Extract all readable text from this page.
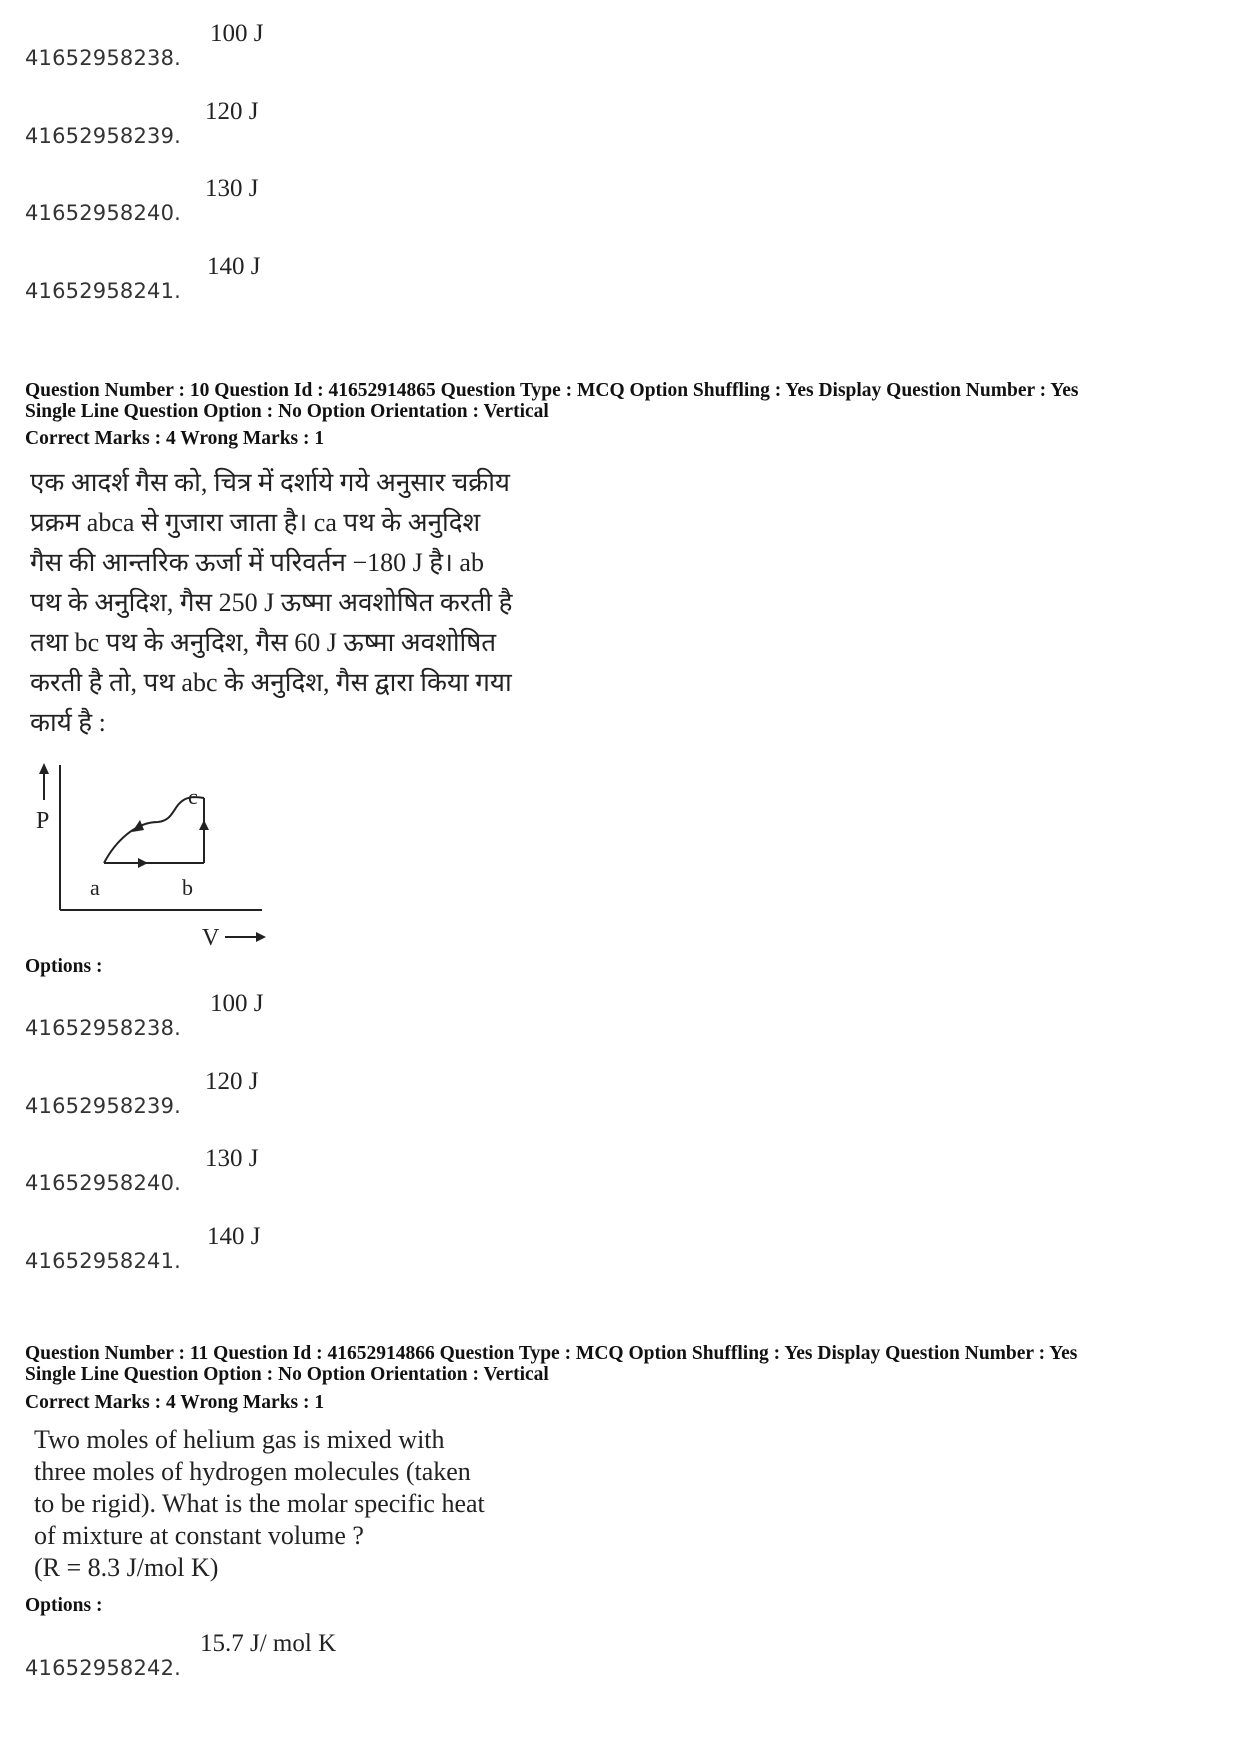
41652958238.
100 J
41652958239.
120 J
41652958240.
130 J
41652958241.
140 J
Question Number : 10 Question Id : 41652914865 Question Type : MCQ Option Shuffling : Yes Display Question Number : Yes
Single Line Question Option : No Option Orientation : Vertical
Correct Marks : 4 Wrong Marks : 1
एक आदर्श गैस को, चित्र में दर्शाये गये अनुसार चक्रीय
प्रक्रम abca से गुजारा जाता है। ca पथ के अनुदिश
गैस की आन्तरिक ऊर्जा में परिवर्तन −180 J है। ab
पथ के अनुदिश, गैस 250 J ऊष्मा अवशोषित करती है
तथा bc पथ के अनुदिश, गैस 60 J ऊष्मा अवशोषित
करती है तो, पथ abc के अनुदिश, गैस द्वारा किया गया
कार्य है :
P
V
a	b
c
Options :
41652958238.
100 J
41652958239.
120 J
41652958240.
130 J
41652958241.
140 J
Question Number : 11 Question Id : 41652914866 Question Type : MCQ Option Shuffling : Yes Display Question Number : Yes
Single Line Question Option : No Option Orientation : Vertical
Correct Marks : 4 Wrong Marks : 1
Two moles of helium gas is mixed with
three moles of hydrogen molecules (taken
to be rigid). What is the molar specific heat
of mixture at constant volume ?
(R = 8.3 J/mol K)
Options :
41652958242.
15.7 J/ mol K
